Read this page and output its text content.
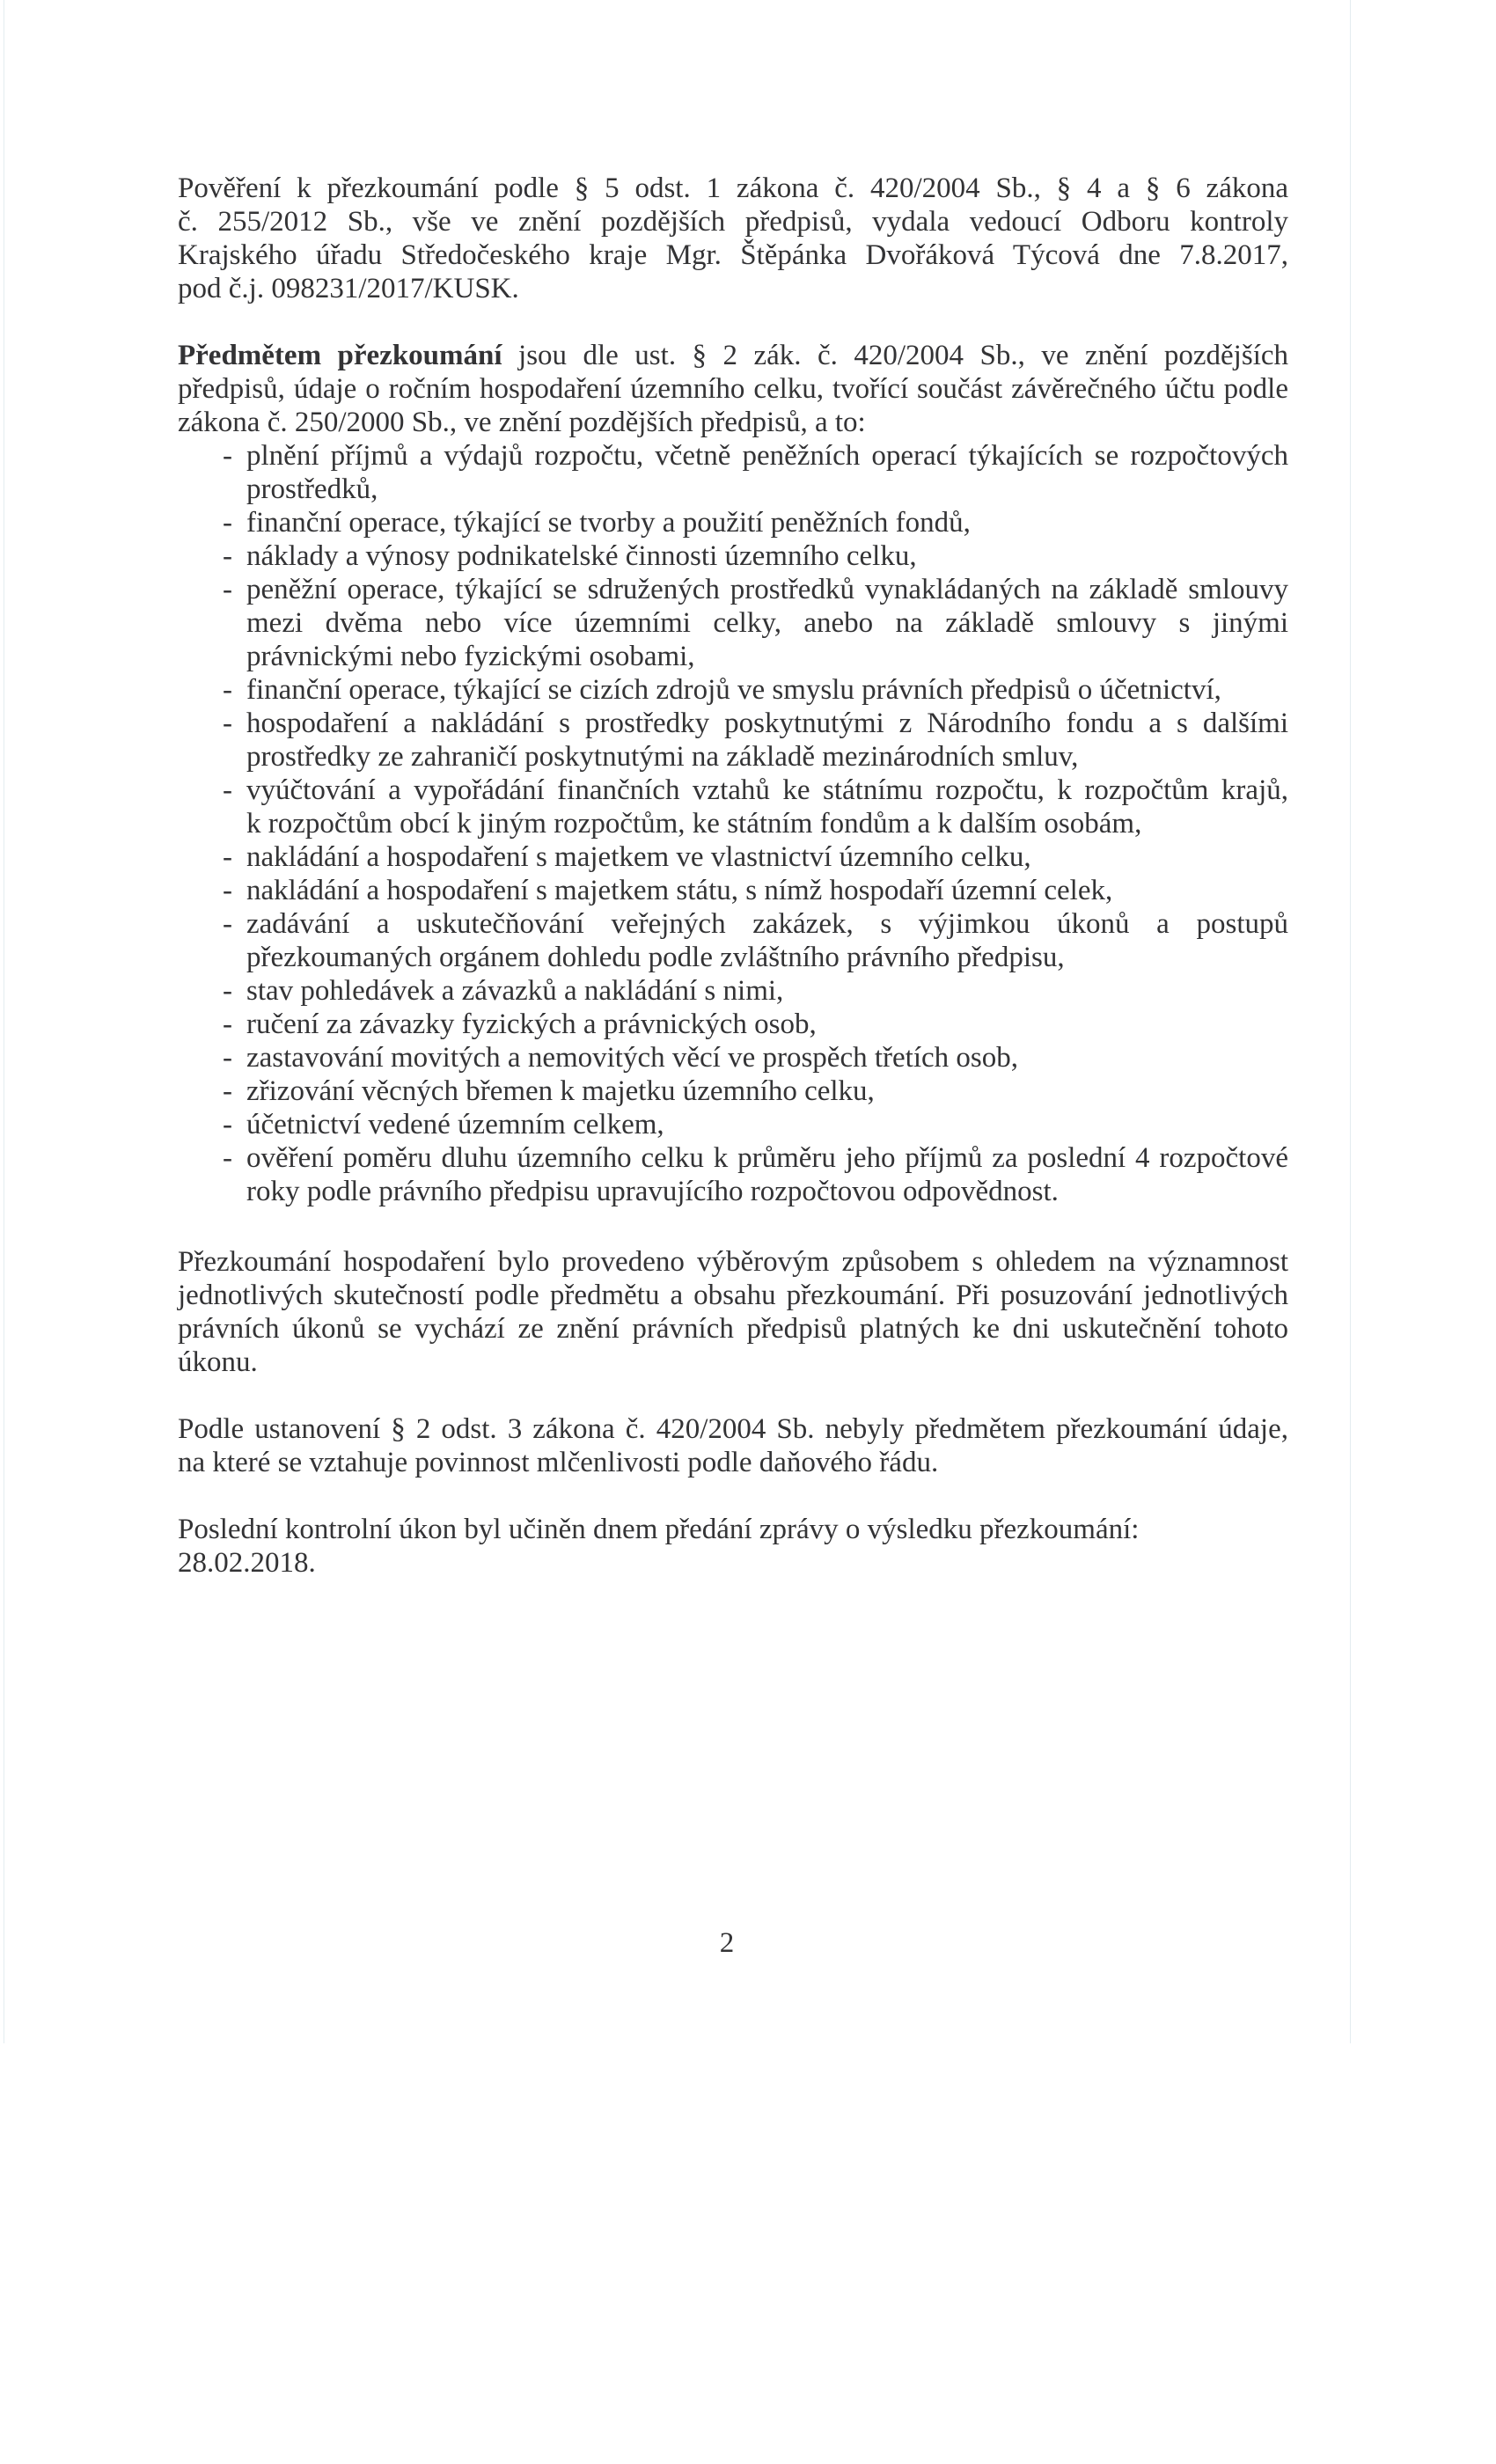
Pověření k přezkoumání podle § 5 odst. 1 zákona č. 420/2004 Sb., § 4 a § 6 zákona
č. 255/2012 Sb., vše ve znění pozdějších předpisů, vydala vedoucí Odboru kontroly
Krajského úřadu Středočeského kraje Mgr. Štěpánka Dvořáková Týcová dne 7.8.2017,
pod č.j. 098231/2017/KUSK.
Předmětem přezkoumání jsou dle ust. § 2 zák. č. 420/2004 Sb., ve znění pozdějších
předpisů, údaje o ročním hospodaření územního celku, tvořící součást závěrečného účtu podle
zákona č. 250/2000 Sb., ve znění pozdějších předpisů, a to:
- plnění příjmů a výdajů rozpočtu, včetně peněžních operací týkajících se rozpočtových
prostředků,
- finanční operace, týkající se tvorby a použití peněžních fondů,
- náklady a výnosy podnikatelské činnosti územního celku,
- peněžní operace, týkající se sdružených prostředků vynakládaných na základě smlouvy
mezi dvěma nebo více územními celky, anebo na základě smlouvy s jinými
právnickými nebo fyzickými osobami,
- finanční operace, týkající se cizích zdrojů ve smyslu právních předpisů o účetnictví,
- hospodaření a nakládání s prostředky poskytnutými z Národního fondu a s dalšími
prostředky ze zahraničí poskytnutými na základě mezinárodních smluv,
- vyúčtování a vypořádání finančních vztahů ke státnímu rozpočtu, k rozpočtům krajů,
k rozpočtům obcí k jiným rozpočtům, ke státním fondům a k dalším osobám,
- nakládání a hospodaření s majetkem ve vlastnictví územního celku,
- nakládání a hospodaření s majetkem státu, s nímž hospodaří územní celek,
- zadávání a uskutečňování veřejných zakázek, s výjimkou úkonů a postupů
přezkoumaných orgánem dohledu podle zvláštního právního předpisu,
- stav pohledávek a závazků a nakládání s nimi,
- ručení za závazky fyzických a právnických osob,
- zastavování movitých a nemovitých věcí ve prospěch třetích osob,
- zřizování věcných břemen k majetku územního celku,
- účetnictví vedené územním celkem,
- ověření poměru dluhu územního celku k průměru jeho příjmů za poslední 4 rozpočtové
roky podle právního předpisu upravujícího rozpočtovou odpovědnost.
Přezkoumání hospodaření bylo provedeno výběrovým způsobem s ohledem na významnost
jednotlivých skutečností podle předmětu a obsahu přezkoumání. Při posuzování jednotlivých
právních úkonů se vychází ze znění právních předpisů platných ke dni uskutečnění tohoto
úkonu.
Podle ustanovení § 2 odst. 3 zákona č. 420/2004 Sb. nebyly předmětem přezkoumání údaje,
na které se vztahuje povinnost mlčenlivosti podle daňového řádu.
Poslední kontrolní úkon byl učiněn dnem předání zprávy o výsledku přezkoumání:
28.02.2018.
2
